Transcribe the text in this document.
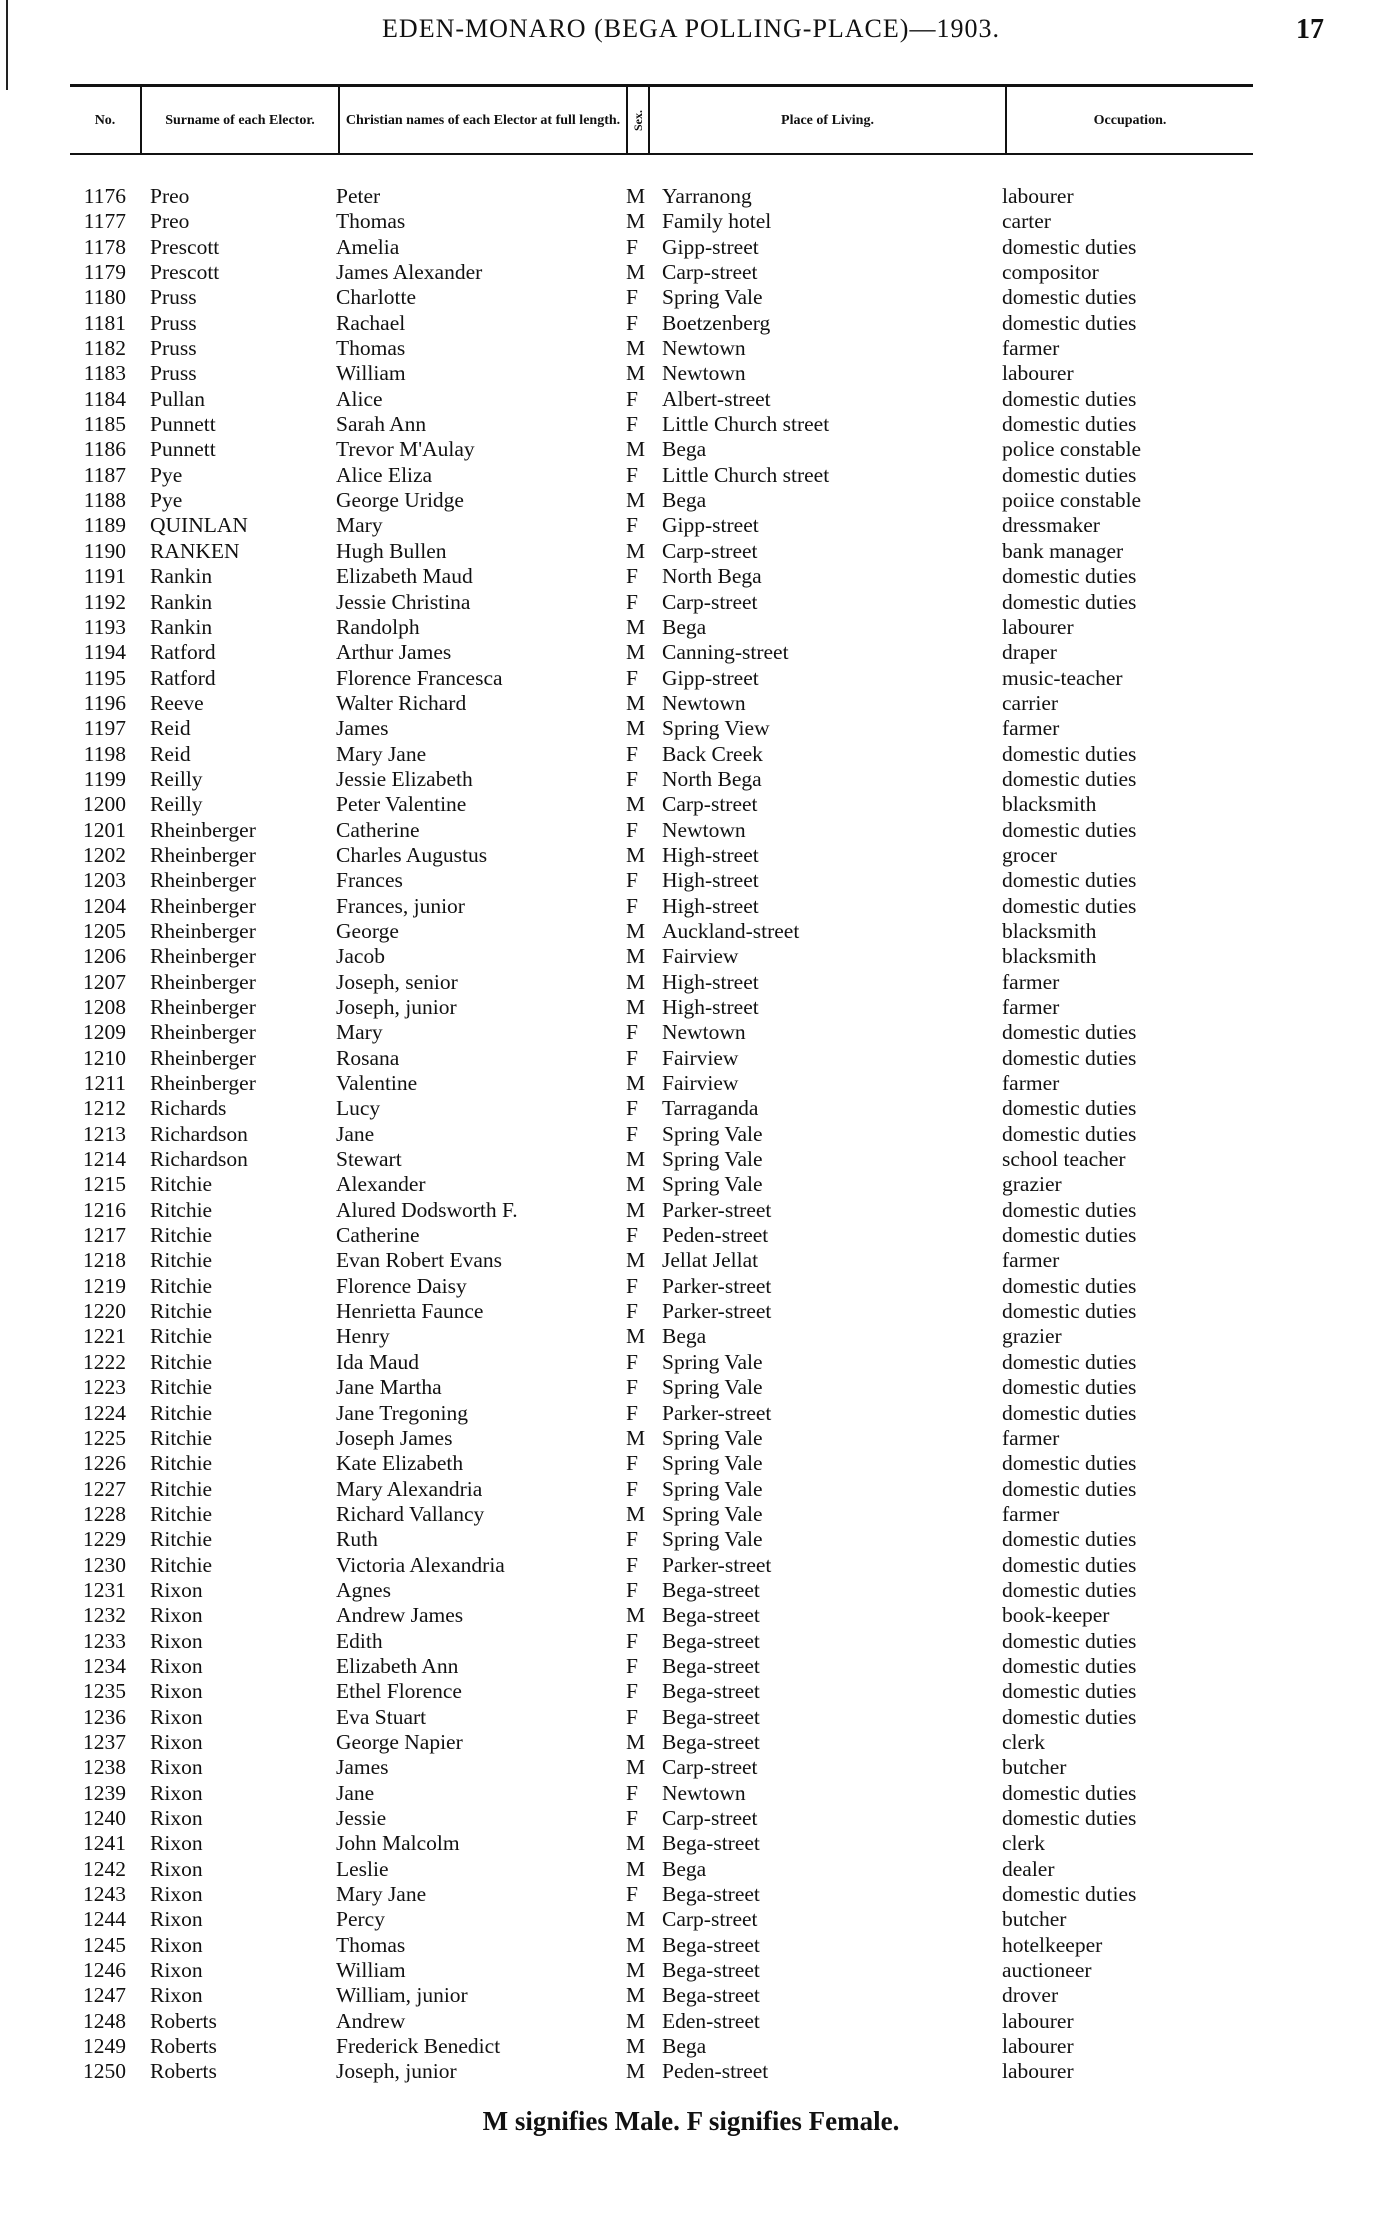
EDEN-MONARO (BEGA POLLING-PLACE)—1903.	17
No.	Surname of each Elector.	Christian names of each Elector at full length. Sex.	Place of Living.	Occupation.
1176 Preo	Peter	M Yarranong	labourer
1177 Preo	Thomas	M Family hotel	carter
1178 Prescott	Amelia	F Gipp-street	domestic duties
1179 Prescott	James Alexander	M Carp-street	compositor
1180 Pruss	Charlotte	F Spring Vale	domestic duties
1181 Pruss	Rachael	F Boetzenberg	domestic duties
1182 Pruss	Thomas	M Newtown	farmer
1183 Pruss	William	M Newtown	labourer
1184 Pullan	Alice	F Albert-street	domestic duties
1185 Punnett	Sarah Ann	F Little Church street	domestic duties
1186 Punnett	Trevor M'Aulay	M Bega	police constable
1187 Pye	Alice Eliza	F Little Church street	domestic duties
1188 Pye	George Uridge	M Bega	poiice constable
1189 QUINLAN	Mary	F Gipp-street	dressmaker
1190 RANKEN	Hugh Bullen	M Carp-street	bank manager
1191 Rankin	Elizabeth Maud	F North Bega	domestic duties
1192 Rankin	Jessie Christina	F Carp-street	domestic duties
1193 Rankin	Randolph	M Bega	labourer
1194 Ratford	Arthur James	M Canning-street	draper
1195 Ratford	Florence Francesca	F Gipp-street	music-teacher
1196 Reeve	Walter Richard	M Newtown	carrier
1197 Reid	James	M Spring View	farmer
1198 Reid	Mary Jane	F Back Creek	domestic duties
1199 Reilly	Jessie Elizabeth	F North Bega	domestic duties
1200 Reilly	Peter Valentine	M Carp-street	blacksmith
1201 Rheinberger	Catherine	F Newtown	domestic duties
1202 Rheinberger	Charles Augustus	M High-street	grocer
1203 Rheinberger	Frances	F High-street	domestic duties
1204 Rheinberger	Frances, junior	F High-street	domestic duties
1205 Rheinberger	George	M Auckland-street	blacksmith
1206 Rheinberger	Jacob	M Fairview	blacksmith
1207 Rheinberger	Joseph, senior	M High-street	farmer
1208 Rheinberger	Joseph, junior	M High-street	farmer
1209 Rheinberger	Mary	F Newtown	domestic duties
1210 Rheinberger	Rosana	F Fairview	domestic duties
1211 Rheinberger	Valentine	M Fairview	farmer
1212 Richards	Lucy	F Tarraganda	domestic duties
1213 Richardson	Jane	F Spring Vale	domestic duties
1214 Richardson	Stewart	M Spring Vale	school teacher
1215 Ritchie	Alexander	M Spring Vale	grazier
1216 Ritchie	Alured Dodsworth F.	M Parker-street	domestic duties
1217 Ritchie	Catherine	F Peden-street	domestic duties
1218 Ritchie	Evan Robert Evans	M Jellat Jellat	farmer
1219 Ritchie	Florence Daisy	F Parker-street	domestic duties
1220 Ritchie	Henrietta Faunce	F Parker-street	domestic duties
1221 Ritchie	Henry	M Bega	grazier
1222 Ritchie	Ida Maud	F Spring Vale	domestic duties
1223 Ritchie	Jane Martha	F Spring Vale	domestic duties
1224 Ritchie	Jane Tregoning	F Parker-street	domestic duties
1225 Ritchie	Joseph James	M Spring Vale	farmer
1226 Ritchie	Kate Elizabeth	F Spring Vale	domestic duties
1227 Ritchie	Mary Alexandria	F Spring Vale	domestic duties
1228 Ritchie	Richard Vallancy	M Spring Vale	farmer
1229 Ritchie	Ruth	F Spring Vale	domestic duties
1230 Ritchie	Victoria Alexandria	F Parker-street	domestic duties
1231 Rixon	Agnes	F Bega-street	domestic duties
1232 Rixon	Andrew James	M Bega-street	book-keeper
1233 Rixon	Edith	F Bega-street	domestic duties
1234 Rixon	Elizabeth Ann	F Bega-street	domestic duties
1235 Rixon	Ethel Florence	F Bega-street	domestic duties
1236 Rixon	Eva Stuart	F Bega-street	domestic duties
1237 Rixon	George Napier	M Bega-street	clerk
1238 Rixon	James	M Carp-street	butcher
1239 Rixon	Jane	F Newtown	domestic duties
1240 Rixon	Jessie	F Carp-street	domestic duties
1241 Rixon	John Malcolm	M Bega-street	clerk
1242 Rixon	Leslie	M Bega	dealer
1243 Rixon	Mary Jane	F Bega-street	domestic duties
1244 Rixon	Percy	M Carp-street	butcher
1245 Rixon	Thomas	M Bega-street	hotelkeeper
1246 Rixon	William	M Bega-street	auctioneer
1247 Rixon	William, junior	M Bega-street	drover
1248 Roberts	Andrew	M Eden-street	labourer
1249 Roberts	Frederick Benedict	M Bega	labourer
1250 Roberts	Joseph, junior	M Peden-street	labourer
M signifies Male. F signifies Female.
